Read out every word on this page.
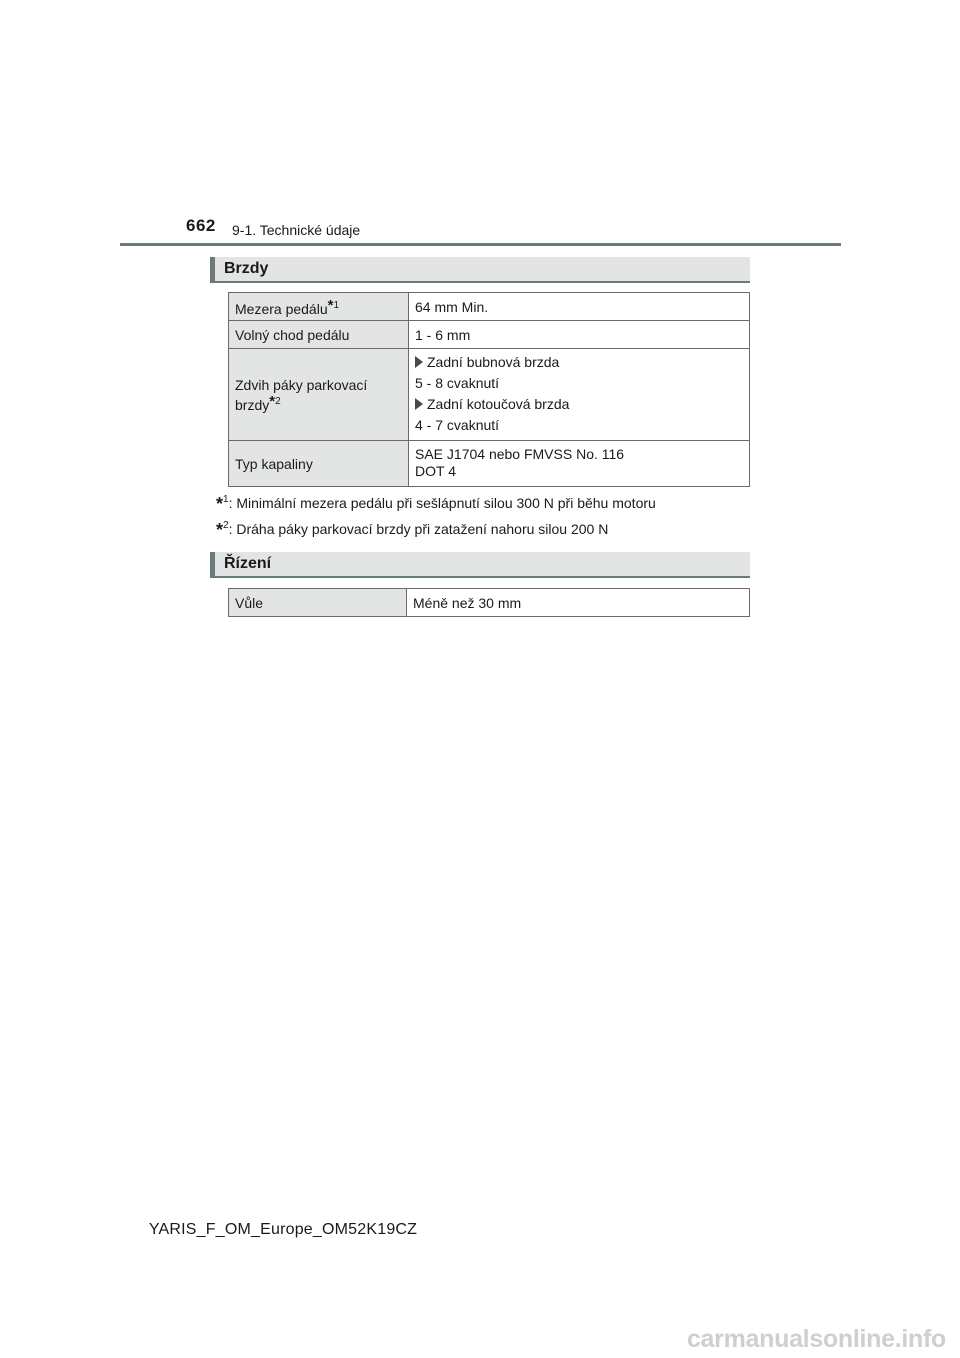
662 9-1. Technické údaje
Brzdy
Mezera pedálu$^{*1}$	64 mm Min.
Volný chod pedálu	1 - 6 mm
Zdvih páky parkovací brzdy$^{*2}$	Zadní bubnová brzda
5 - 8 cvaknutí
Zadní kotoučová brzda
4 - 7 cvaknutí

Typ kapaliny	SAE J1704 nebo FMVSS No. 116
DOT 4
*$^1$: Minimální mezera pedálu při sešlápnutí silou 300 N při běhu motoru
*$^2$: Dráha páky parkovací brzdy při zatažení nahoru silou 200 N
Řízení
Vůle	Méně než 30 mm
YARIS_F_OM_Europe_OM52K19CZ
carmanualsonline.info
